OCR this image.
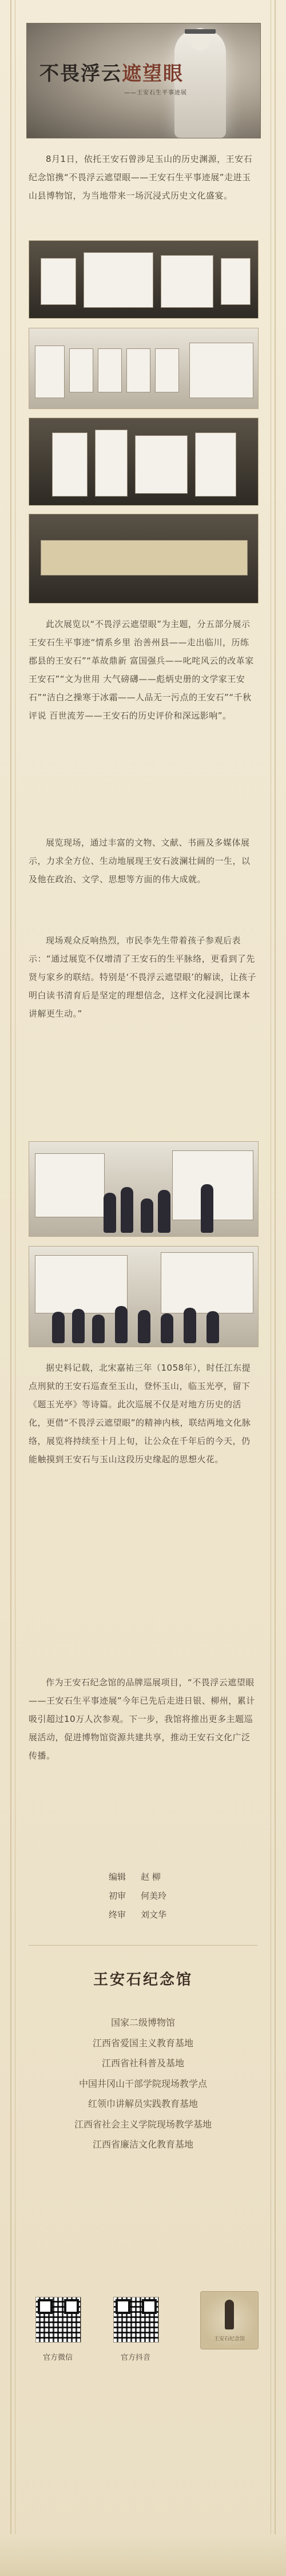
不畏浮云遮望眼
——王安石生平事迹展
8月1日，依托王安石曾涉足玉山的历史渊源，王安石纪念馆携“不畏浮云遮望眼——王安石生平事迹展”走进玉山县博物馆，为当地带来一场沉浸式历史文化盛宴。
此次展览以“不畏浮云遮望眼”为主题，分五部分展示王安石生平事迹“情系乡里 治善州县——走出临川，历练郡县的王安石”“革故鼎新 富国强兵——叱咤风云的改革家王安石”“文为世用 大气磅礴——彪炳史册的文学家王安石”“洁白之操寒于冰霜——人品无一污点的王安石”“千秋评说 百世流芳——王安石的历史评价和深远影响”。
展览现场，通过丰富的文物、文献、书画及多媒体展示，力求全方位、生动地展现王安石波澜壮阔的一生，以及他在政治、文学、思想等方面的伟大成就。
现场观众反响热烈，市民李先生带着孩子参观后表示：“通过展览不仅增清了王安石的生平脉络，更看到了先贤与家乡的联结。特别是‘不畏浮云遮望眼’的解读，让孩子明白读书清育后是坚定的理想信念，这样文化浸润比课本讲解更生动。”
据史料记载，北宋嘉祐三年（1058年），时任江东提点刑狱的王安石巡查至玉山，登怀玉山，临玉光亭，留下《题玉光亭》等诗篇。此次巡展不仅是对地方历史的活化，更借“不畏浮云遮望眼”的精神内核，联结两地文化脉络，展览将持续至十月上旬，让公众在千年后的今天，仍能触摸到王安石与玉山这段历史缘起的思想火花。
作为王安石纪念馆的品牌巡展项目，“不畏浮云遮望眼——王安石生平事迹展”今年已先后走进日银、柳州，累计吸引超过10万人次参观。下一步，我馆将推出更多主题巡展活动，促进博物馆资源共建共享，推动王安石文化广泛传播。
编辑 赵 柳
初审 何美玲
终审 刘文华
王安石纪念馆
国家二级博物馆
江西省爱国主义教育基地
江西省社科普及基地
中国井冈山干部学院现场教学点
红领巾讲解员实践教育基地
江西省社会主义学院现场教学基地
江西省廉洁文化教育基地
官方微信	官方抖音
王安石纪念馆
